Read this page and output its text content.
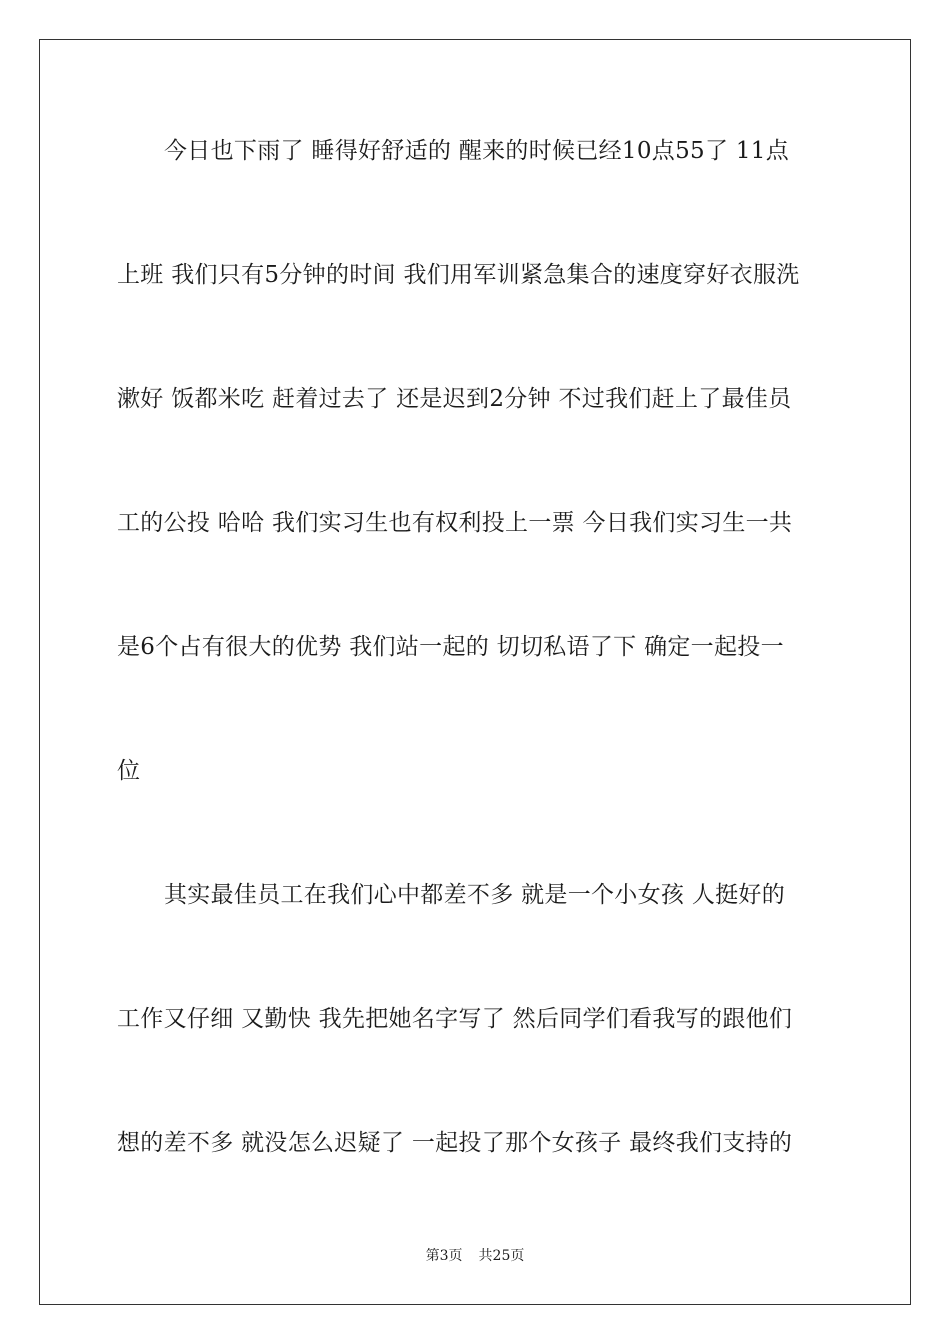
今日也下雨了 睡得好舒适的 醒来的时候已经10点55了 11点
上班 我们只有5分钟的时间 我们用军训紧急集合的速度穿好衣服洗
漱好 饭都米吃 赶着过去了 还是迟到2分钟 不过我们赶上了最佳员
工的公投 哈哈 我们实习生也有权利投上一票 今日我们实习生一共
是6个占有很大的优势 我们站一起的 切切私语了下 确定一起投一
位
其实最佳员工在我们心中都差不多 就是一个小女孩 人挺好的
工作又仔细 又勤快 我先把她名字写了 然后同学们看我写的跟他们
想的差不多 就没怎么迟疑了 一起投了那个女孩子 最终我们支持的
第3页 共25页
